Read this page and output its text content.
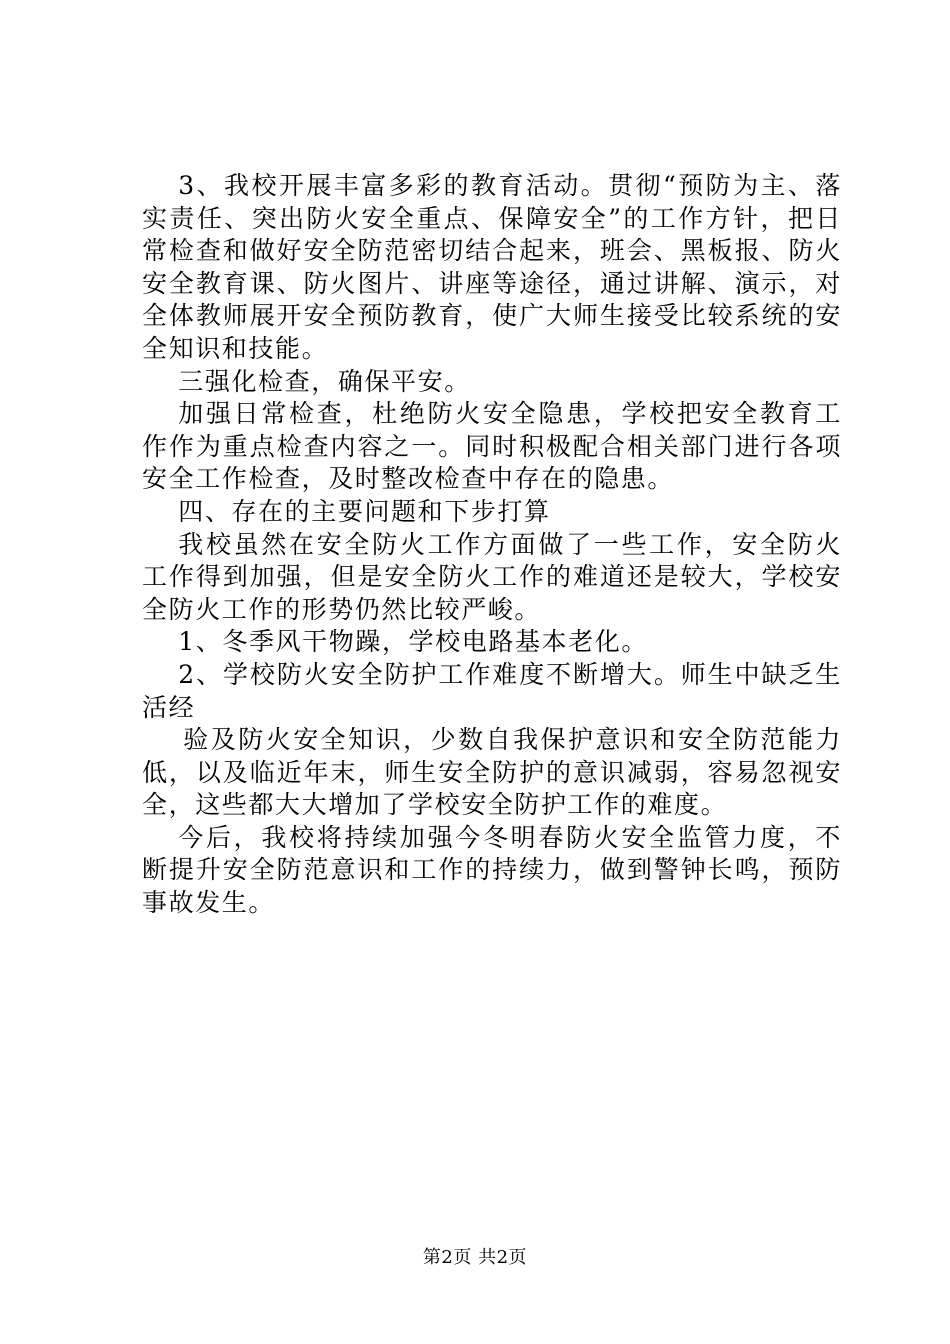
3、我校开展丰富多彩的教育活动。贯彻“预防为主、落实责任、突出防火安全重点、保障安全”的工作方针，把日常检查和做好安全防范密切结合起来，班会、黑板报、防火安全教育课、防火图片、讲座等途径，通过讲解、演示，对全体教师展开安全预防教育，使广大师生接受比较系统的安全知识和技能。

三强化检查，确保平安。

加强日常检查，杜绝防火安全隐患，学校把安全教育工作作为重点检查内容之一。同时积极配合相关部门进行各项安全工作检查，及时整改检查中存在的隐患。

四、存在的主要问题和下步打算

我校虽然在安全防火工作方面做了一些工作，安全防火工作得到加强，但是安全防火工作的难道还是较大，学校安全防火工作的形势仍然比较严峻。

1、冬季风干物躁，学校电路基本老化。

2、学校防火安全防护工作难度不断增大。师生中缺乏生活经

验及防火安全知识，少数自我保护意识和安全防范能力低，以及临近年末，师生安全防护的意识减弱，容易忽视安全，这些都大大增加了学校安全防护工作的难度。

今后，我校将持续加强今冬明春防火安全监管力度，不断提升安全防范意识和工作的持续力，做到警钟长鸣，预防事故发生。

第2页 共2页
